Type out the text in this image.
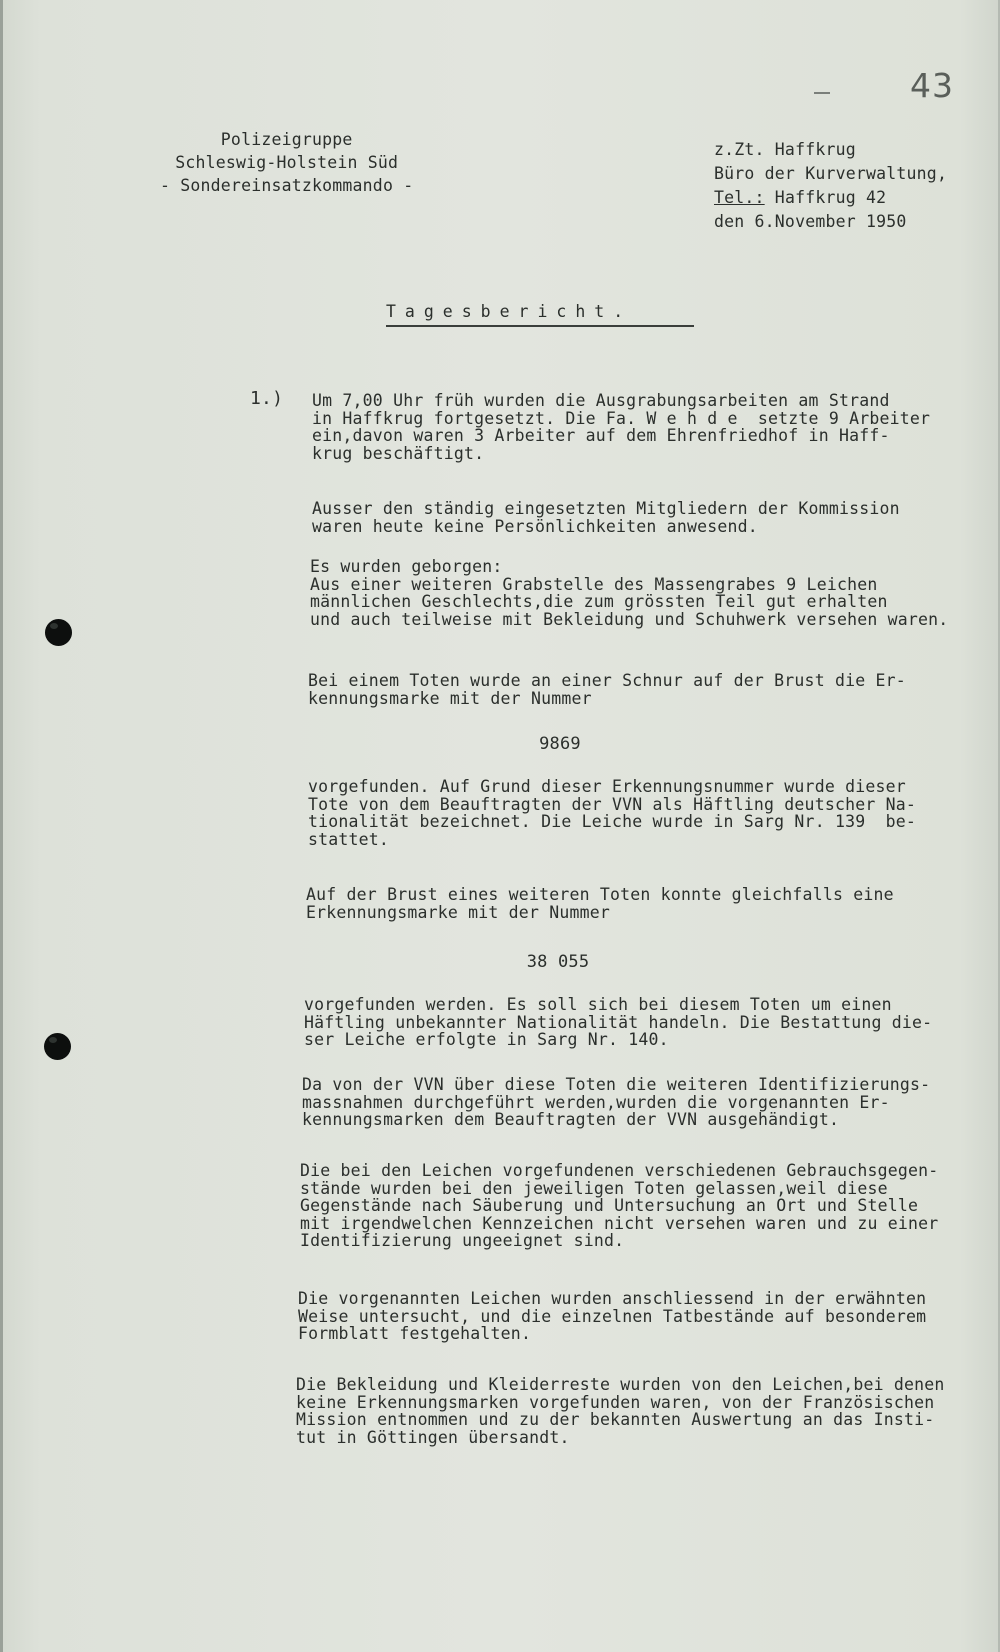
43
Polizeigruppe
Schleswig-Holstein Süd
- Sondereinsatzkommando -
z.Zt. Haffkrug
Büro der Kurverwaltung,
Tel.: Haffkrug 42
den 6.November 1950
Tagesbericht.
1.) Um 7,00 Uhr früh wurden die Ausgrabungsarbeiten am Strand
in Haffkrug fortgesetzt. Die Fa. W e h d e  setzte 9 Arbeiter
ein,davon waren 3 Arbeiter auf dem Ehrenfriedhof in Haff-
krug beschäftigt.
Ausser den ständig eingesetzten Mitgliedern der Kommission
waren heute keine Persönlichkeiten anwesend.
Es wurden geborgen:
Aus einer weiteren Grabstelle des Massengrabes 9 Leichen
männlichen Geschlechts,die zum grössten Teil gut erhalten
und auch teilweise mit Bekleidung und Schuhwerk versehen waren.
Bei einem Toten wurde an einer Schnur auf der Brust die Er-
kennungsmarke mit der Nummer
9869
vorgefunden. Auf Grund dieser Erkennungsnummer wurde dieser
Tote von dem Beauftragten der VVN als Häftling deutscher Na-
tionalität bezeichnet. Die Leiche wurde in Sarg Nr. 139  be-
stattet.
Auf der Brust eines weiteren Toten konnte gleichfalls eine
Erkennungsmarke mit der Nummer
38 055
vorgefunden werden. Es soll sich bei diesem Toten um einen
Häftling unbekannter Nationalität handeln. Die Bestattung die-
ser Leiche erfolgte in Sarg Nr. 140.
Da von der VVN über diese Toten die weiteren Identifizierungs-
massnahmen durchgeführt werden,wurden die vorgenannten Er-
kennungsmarken dem Beauftragten der VVN ausgehändigt.
Die bei den Leichen vorgefundenen verschiedenen Gebrauchsgegen-
stände wurden bei den jeweiligen Toten gelassen,weil diese
Gegenstände nach Säuberung und Untersuchung an Ort und Stelle
mit irgendwelchen Kennzeichen nicht versehen waren und zu einer
Identifizierung ungeeignet sind.
Die vorgenannten Leichen wurden anschliessend in der erwähnten
Weise untersucht, und die einzelnen Tatbestände auf besonderem
Formblatt festgehalten.
Die Bekleidung und Kleiderreste wurden von den Leichen,bei denen
keine Erkennungsmarken vorgefunden waren, von der Französischen
Mission entnommen und zu der bekannten Auswertung an das Insti-
tut in Göttingen übersandt.
